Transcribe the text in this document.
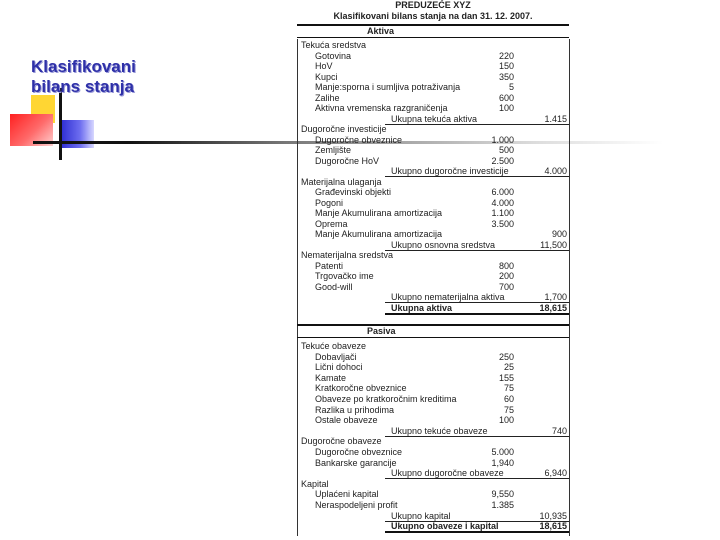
Klasifikovani
bilans stanja
PREDUZEĆE XYZ
Klasifikovani bilans stanja na dan 31. 12. 2007.
Aktiva
Tekuća sredstva
Gotovina	220
HoV	150
Kupci	350
Manje:sporna i sumljiva potraživanja	5
Zalihe	600
Aktivna vremenska razgraničenja	100
Ukupna tekuća aktiva	1.415
Dugoročne investicije
Dugoročne obveznice	1.000
Zemljište	500
Dugoročne HoV	2.500
Ukupno dugoročne investicije	4.000
Materijalna ulaganja
Građevinski objekti	6.000
Pogoni	4.000
Manje Akumulirana amortizacija	1.100
Oprema	3.500
Manje Akumulirana amortizacija	900
Ukupno osnovna sredstva	11,500
Nematerijalna sredstva
Patenti	800
Trgovačko ime	200
Good-will	700
Ukupno nematerijalna aktiva	1,700
Ukupna aktiva	18,615
Pasiva
Tekuće obaveze
Dobavljači	250
Lični dohoci	25
Kamate	155
Kratkoročne obveznice	75
Obaveze po kratkoročnim kreditima	60
Razlika u prihodima	75
Ostale obaveze	100
Ukupno tekuće obaveze	740
Dugoročne obaveze
Dugoročne obveznice	5.000
Bankarske garancije	1,940
Ukupno dugoročne obaveze	6,940
Kapital
Uplaćeni kapital	9,550
Neraspodeljeni profit	1.385
Ukupno kapital	10,935
Ukupno obaveze i kapital	18,615
